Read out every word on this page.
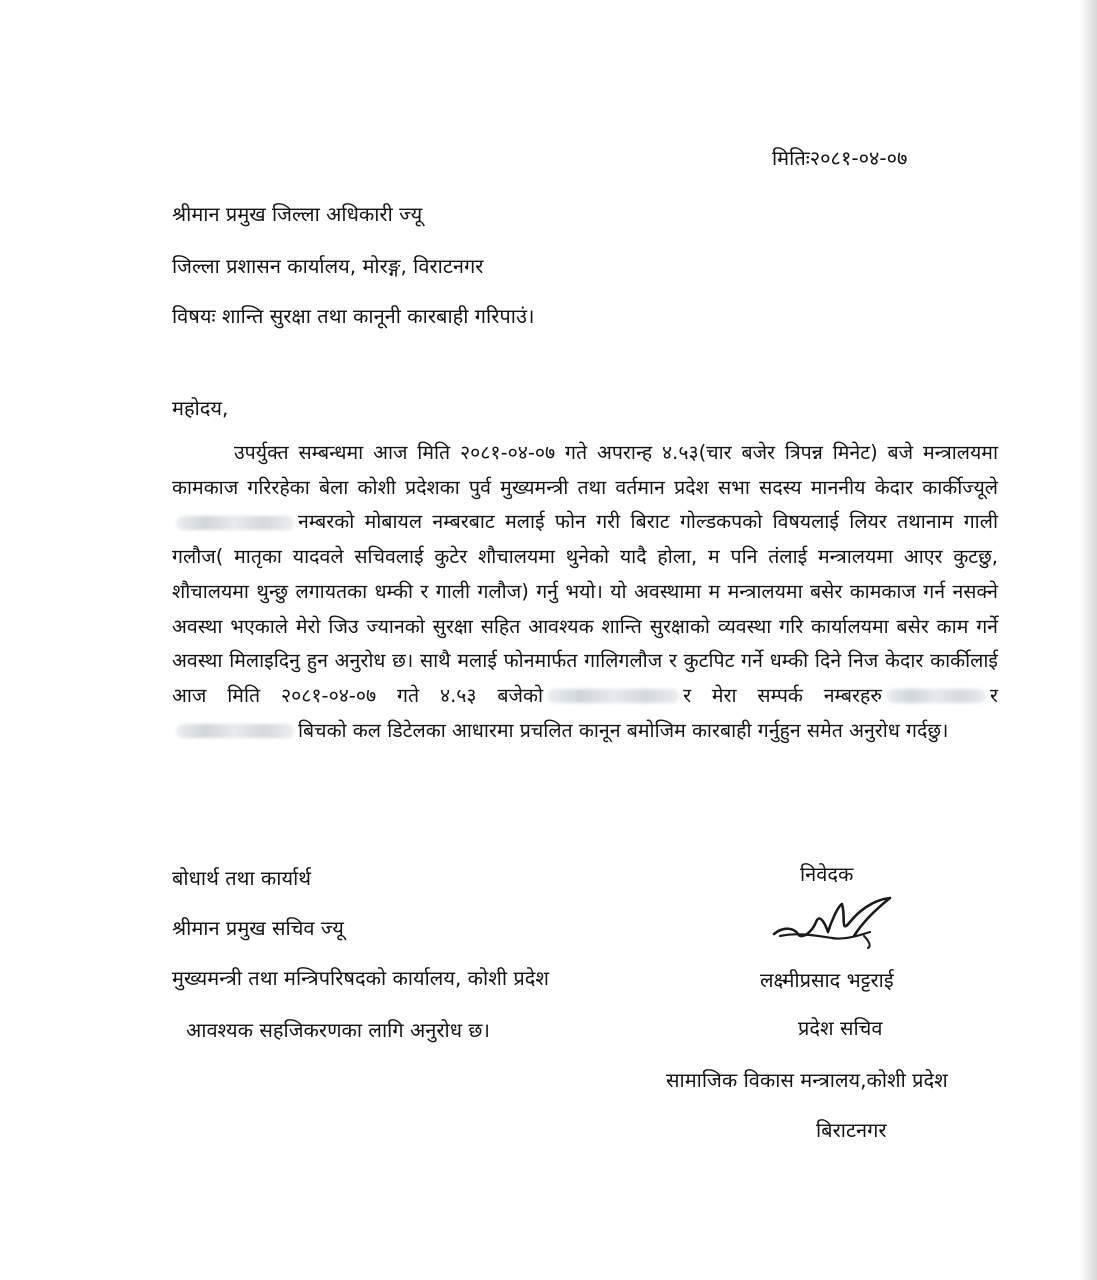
मितिः२०८१-०४-०७
श्रीमान प्रमुख जिल्ला अधिकारी ज्यू
जिल्ला प्रशासन कार्यालय, मोरङ्ग, विराटनगर
विषयः शान्ति सुरक्षा तथा कानूनी कारबाही गरिपाउं।
महोदय,

उपर्युक्त सम्बन्धमा आज मिति २०८१-०४-०७ गते अपरान्ह ४.५३(चार बजेर त्रिपन्न मिनेट) बजे मन्त्रालयमा कामकाज गरिरहेका बेला कोशी प्रदेशका पुर्व मुख्यमन्त्री तथा वर्तमान प्रदेश सभा सदस्य माननीय केदार कार्कीज्यूलेनम्बरको मोबायल नम्बरबाट मलाई फोन गरी बिराट गोल्डकपको विषयलाई लियर तथानाम गाली गलौज( मातृका यादवले सचिवलाई कुटेर शौचालयमा थुनेको यादै होला, म पनि तंलाई मन्त्रालयमा आएर कुटछु, शौचालयमा थुन्छु लगायतका धम्की र गाली गलौज) गर्नु भयो। यो अवस्थामा म मन्त्रालयमा बसेर कामकाज गर्न नसक्ने अवस्था भएकाले मेरो जिउ ज्यानको सुरक्षा सहित आवश्यक शान्ति सुरक्षाको व्यवस्था गरि कार्यालयमा बसेर काम गर्ने अवस्था मिलाइदिनु हुन अनुरोध छ। साथै मलाई फोनमार्फत गालिगलौज र कुटपिट गर्ने धम्की दिने निज केदार कार्कीलाई आज मिति २०८१-०४-०७ गते ४.५३ बजेको	र मेरा सम्पर्क नम्बरहरु	रबिचको कल डिटेलका आधारमा प्रचलित कानून बमोजिम कारबाही गर्नुहुन समेत अनुरोध गर्दछु।

बोधार्थ तथा कार्यार्थ
श्रीमान प्रमुख सचिव ज्यू
मुख्यमन्त्री तथा मन्त्रिपरिषदको कार्यालय, कोशी प्रदेश
आवश्यक सहजिकरणका लागि अनुरोध छ।
निवेदक
लक्ष्मीप्रसाद भट्टराई
प्रदेश सचिव
सामाजिक विकास मन्त्रालय,कोशी प्रदेश
बिराटनगर
